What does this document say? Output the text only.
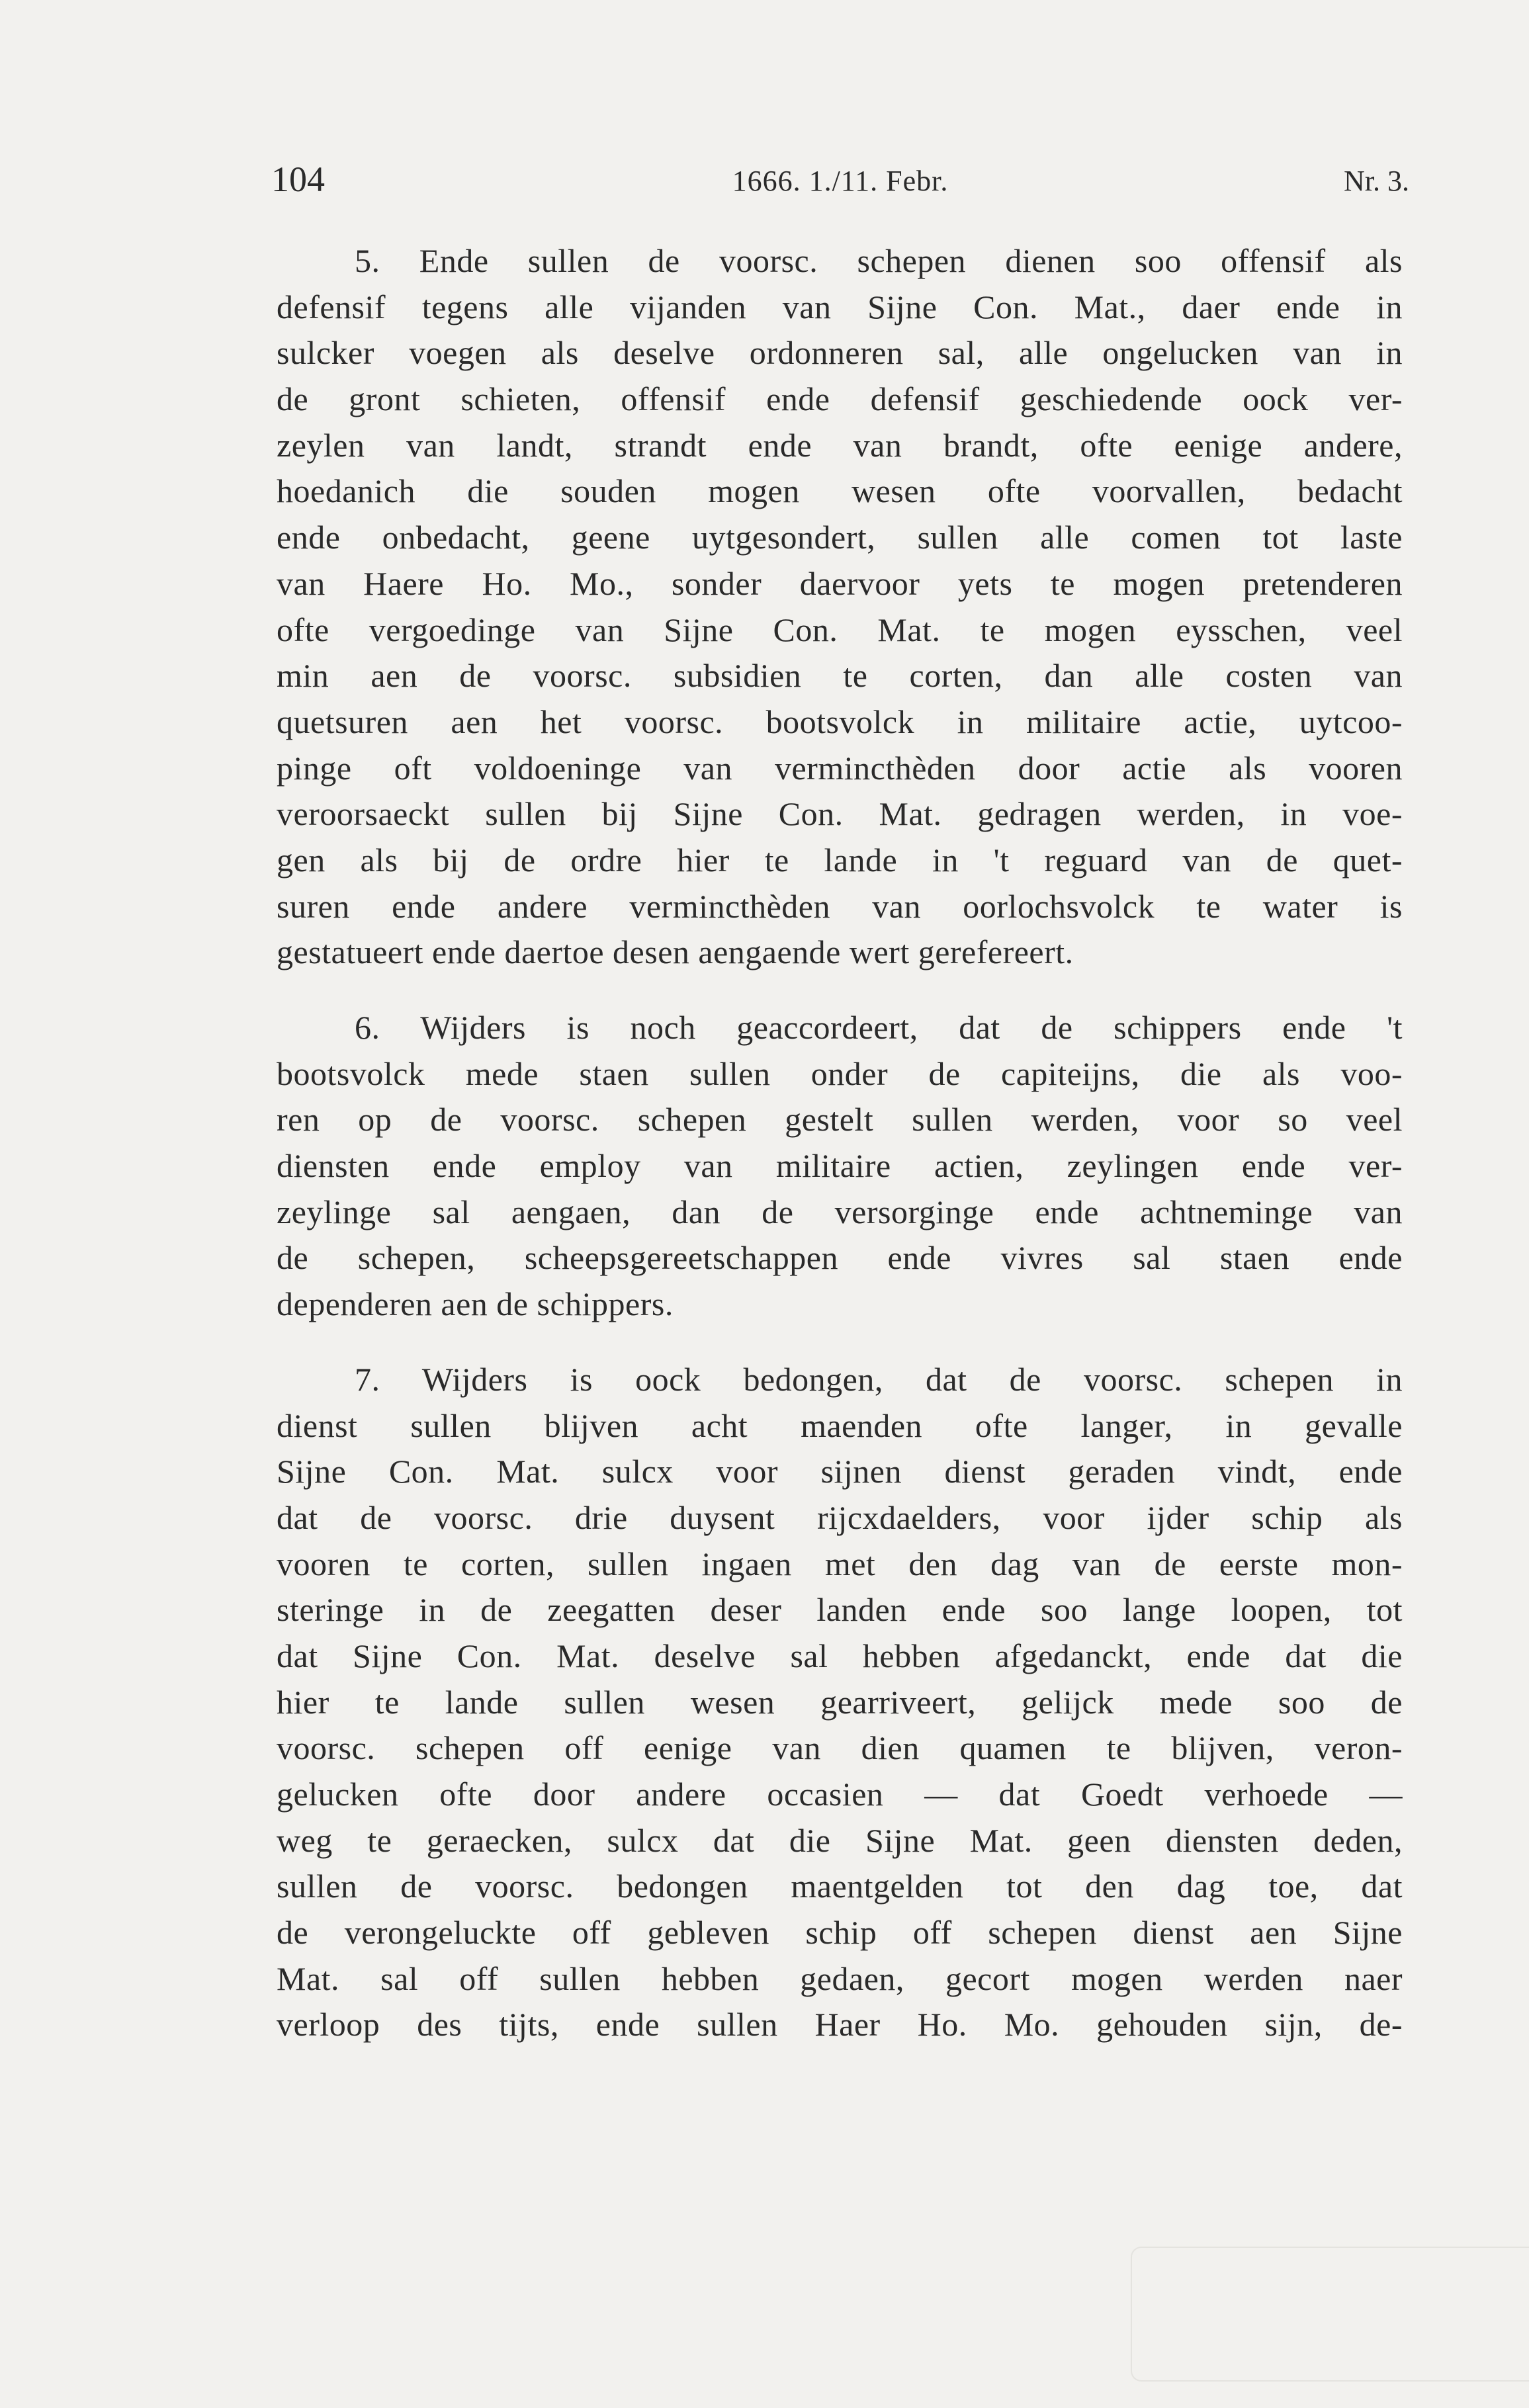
104	1666. 1./11. Febr.	Nr. 3.
5. Ende sullen de voorsc. schepen dienen soo offensif als
defensif tegens alle vijanden van Sijne Con. Mat., daer ende in
sulcker voegen als deselve ordonneren sal, alle ongelucken van in
de gront schieten, offensif ende defensif geschiedende oock ver-
zeylen van landt, strandt ende van brandt, ofte eenige andere,
hoedanich die souden mogen wesen ofte voorvallen, bedacht
ende onbedacht, geene uytgesondert, sullen alle comen tot laste
van Haere Ho. Mo., sonder daervoor yets te mogen pretenderen
ofte vergoedinge van Sijne Con. Mat. te mogen eysschen, veel
min aen de voorsc. subsidien te corten, dan alle costen van
quetsuren aen het voorsc. bootsvolck in militaire actie, uytcoo-
pinge oft voldoeninge van vermincthèden door actie als vooren
veroorsaeckt sullen bij Sijne Con. Mat. gedragen werden, in voe-
gen als bij de ordre hier te lande in 't reguard van de quet-
suren ende andere vermincthèden van oorlochsvolck te water is
gestatueert ende daertoe desen aengaende wert gerefereert.
6. Wijders is noch geaccordeert, dat de schippers ende 't
bootsvolck mede staen sullen onder de capiteijns, die als voo-
ren op de voorsc. schepen gestelt sullen werden, voor so veel
diensten ende employ van militaire actien, zeylingen ende ver-
zeylinge sal aengaen, dan de versorginge ende achtneminge van
de schepen, scheepsgereetschappen ende vivres sal staen ende
dependeren aen de schippers.
7. Wijders is oock bedongen, dat de voorsc. schepen in
dienst sullen blijven acht maenden ofte langer, in gevalle
Sijne Con. Mat. sulcx voor sijnen dienst geraden vindt, ende
dat de voorsc. drie duysent rijcxdaelders, voor ijder schip als
vooren te corten, sullen ingaen met den dag van de eerste mon-
steringe in de zeegatten deser landen ende soo lange loopen, tot
dat Sijne Con. Mat. deselve sal hebben afgedanckt, ende dat die
hier te lande sullen wesen gearriveert, gelijck mede soo de
voorsc. schepen off eenige van dien quamen te blijven, veron-
gelucken ofte door andere occasien — dat Goedt verhoede —
weg te geraecken, sulcx dat die Sijne Mat. geen diensten deden,
sullen de voorsc. bedongen maentgelden tot den dag toe, dat
de verongeluckte off gebleven schip off schepen dienst aen Sijne
Mat. sal off sullen hebben gedaen, gecort mogen werden naer
verloop des tijts, ende sullen Haer Ho. Mo. gehouden sijn, de-
